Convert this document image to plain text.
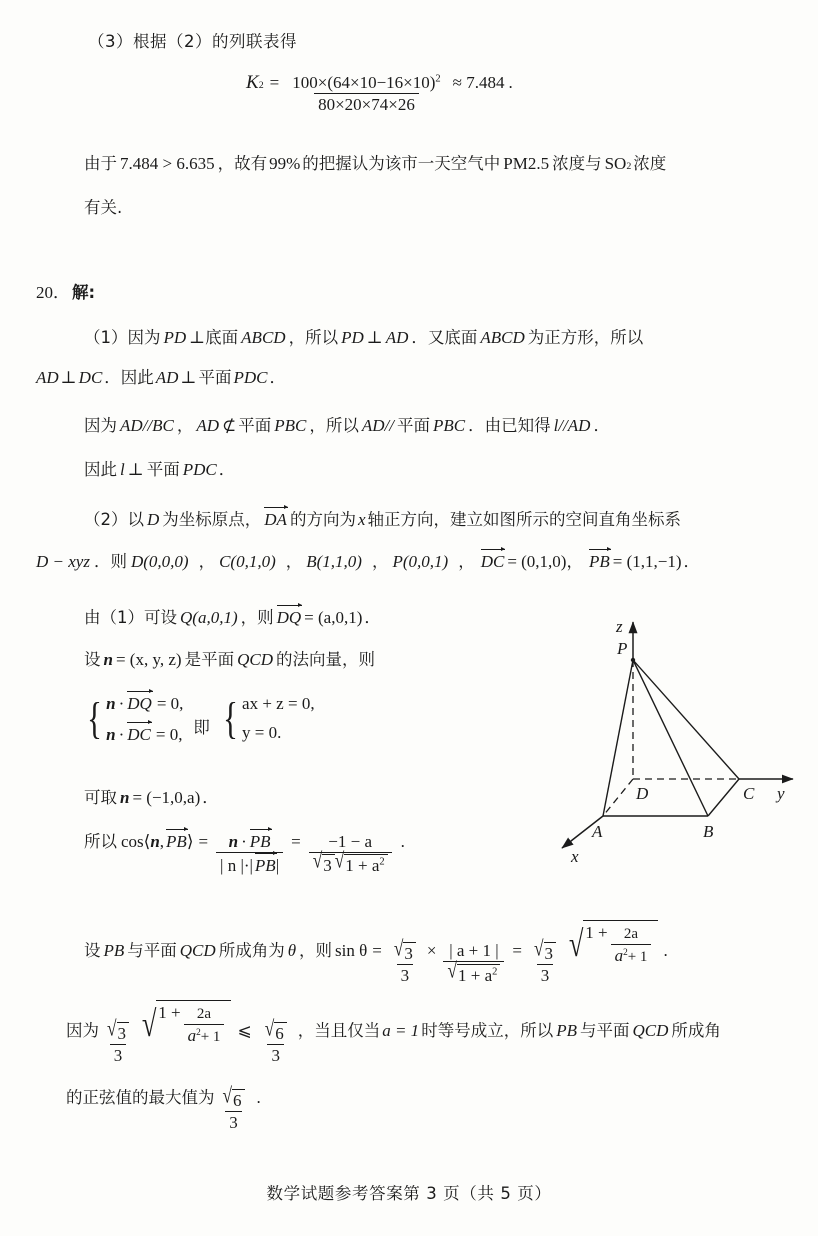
（3）根据（2）的列联表得
K $2 = \frac{100\times(64\times 10-16\times 10)^2}{80\times 20\times 74\times 26} \approx 7.484$ .
由于 7.484 > 6.635 ，故有 99% 的把握认为该市一天空气中 PM2.5 浓度与 SO 2 浓度
有关.
20． 解:
（1） 因为 PD ⊥ 底面 ABCD ，所以 PD ⊥ AD ．又底面 ABCD 为正方形，所以
AD ⊥ DC ．因此 AD ⊥ 平面 PDC ．
因为 AD//BC ， AD ⊄ 平面 PBC ，所以 AD// 平面 PBC ．由已知得 l//AD ．
因此 l ⊥ 平面 PDC ．
（2） 以 D 为坐标原点， DA 的方向为 x 轴正方向，建立如图所示的空间直角坐标系
D − xyz ．则 D(0,0,0) ， C(0,1,0) ， B(1,1,0) ， P(0,0,1) ， DC = (0,1,0) ， PB = (1,1,−1) ．
由（1）可设 Q(a,0,1) ，则 DQ = (a,0,1) ．
设 n = (x, y, z) 是平面 QCD 的法向量，则
{ n · DQ = 0,
n · DC = 0, 即 { ax + z = 0,
y = 0.
可取 n = (−1,0,a) ．
所以 cos ⟨ n , PB ⟩ = $\frac{n \cdot PB}{| n |\cdot| PB |} = \frac{-1 - a}{√ 3 √ 1 + a^2}$ .
设 PB 与平面 QCD 所成角为 θ ，则 $\sin \theta = \frac{√ 3}{3} \times \frac{| a + 1 |}{√ 1 + a^2} = \frac{√ 3}{3}$ √ $1 + \frac{2a}{a^2+ 1}$ .
因为 $\frac{√ 3}{3}$ √ $1 + \frac{2a}{a^2+ 1}$ ⩽ $\frac{√ 6}{3}$ ，当且仅当 a = 1 时等号成立，所以 PB 与平面 QCD 所成角
的正弦值的最大值为 $\frac{√ 6}{3}$ .
P
D	C
A	B
z
y
x
数学试题参考答案第 3 页（共 5 页）
